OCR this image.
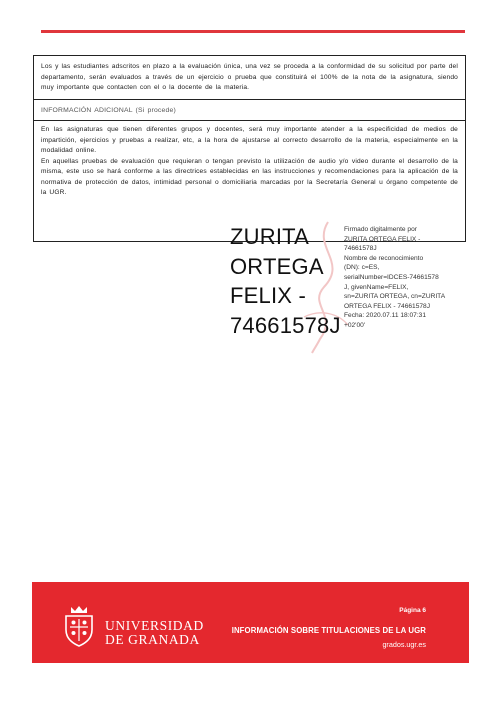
Los y las estudiantes adscritos en plazo a la evaluación única, una vez se proceda a la conformidad de su solicitud por parte del departamento, serán evaluados a través de un ejercicio o prueba que constituirá el 100% de la nota de la asignatura, siendo muy importante que contacten con el o la docente de la materia.

INFORMACIÓN ADICIONAL (Si procede)

En las asignaturas que tienen diferentes grupos y docentes, será muy importante atender a la especificidad de medios de impartición, ejercicios y pruebas a realizar, etc, a la hora de ajustarse al correcto desarrollo de la materia, especialmente en la modalidad online.

En aquellas pruebas de evaluación que requieran o tengan previsto la utilización de audio y/o video durante el desarrollo de la misma, este uso se hará conforme a las directrices establecidas en las instrucciones y recomendaciones para la aplicación de la normativa de protección de datos, intimidad personal o domiciliaria marcadas por la Secretaría General u órgano competente de la UGR.

ZURITA
ORTEGA
FELIX -
74661578J
Firmado digitalmente por
ZURITA ORTEGA FELIX -
74661578J
Nombre de reconocimiento
(DN): c=ES,
serialNumber=IDCES-74661578
J, givenName=FELIX,
sn=ZURITA ORTEGA, cn=ZURITA
ORTEGA FELIX - 74661578J
Fecha: 2020.07.11 18:07:31
+02'00'
UNIVERSIDAD
DE GRANADA
Página 6
INFORMACIÓN SOBRE TITULACIONES DE LA UGR
grados.ugr.es
